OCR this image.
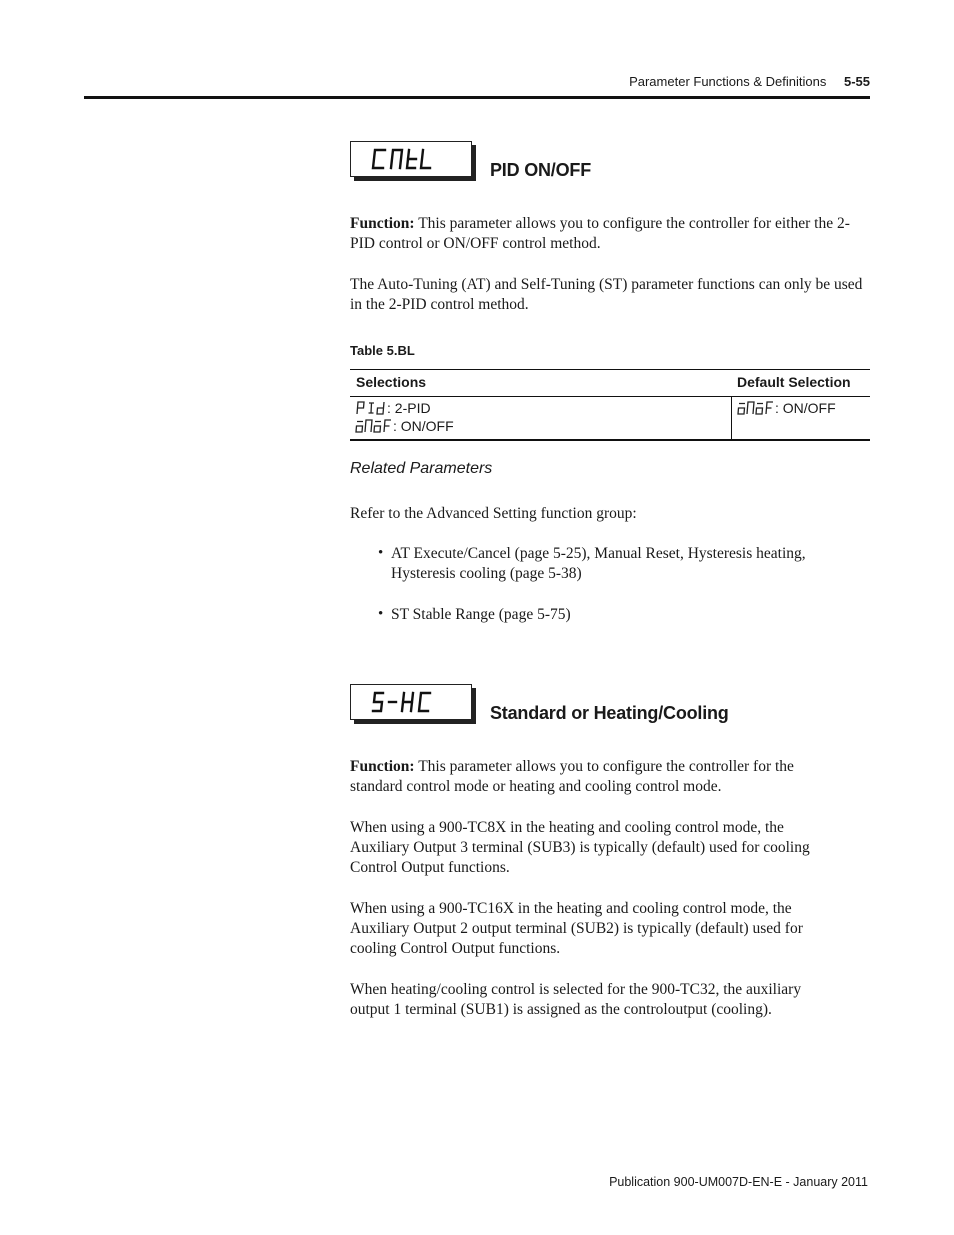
Parameter Functions & Definitions 5-55
PID ON/OFF
Function: This parameter allows you to configure the controller for either the 2-PID control or ON/OFF control method.
The Auto-Tuning (AT) and Self-Tuning (ST) parameter functions can only be used in the 2-PID control method.
Table 5.BL
Selections	Default Selection
: 2-PID
: ON/OFF
: ON/OFF
Related Parameters
Refer to the Advanced Setting function group:
• AT Execute/Cancel (page 5-25), Manual Reset, Hysteresis heating,
Hysteresis cooling (page 5-38)
• ST Stable Range (page 5-75)
Standard or Heating/Cooling
Function: This parameter allows you to configure the controller for the standard control mode or heating and cooling control mode.
When using a 900-TC8X in the heating and cooling control mode, the Auxiliary Output 3 terminal (SUB3) is typically (default) used for cooling Control Output functions.
When using a 900-TC16X in the heating and cooling control mode, the Auxiliary Output 2 output terminal (SUB2) is typically (default) used for cooling Control Output functions.
When heating/cooling control is selected for the 900-TC32, the auxiliary output 1 terminal (SUB1) is assigned as the controloutput (cooling).
Publication 900-UM007D-EN-E - January 2011
